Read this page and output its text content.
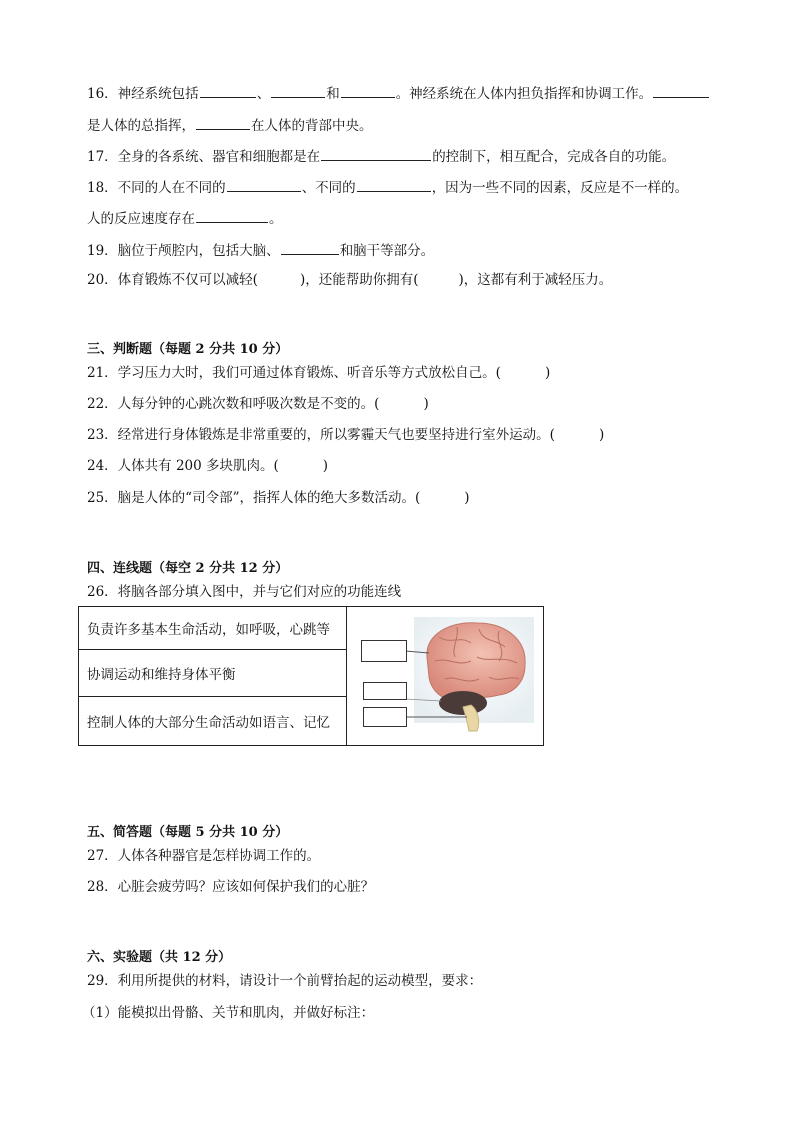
16．神经系统包括	、	和	。神经系统在人体内担负指挥和协调工作。
是人体的总指挥，	在人体的背部中央。
17．全身的各系统、器官和细胞都是在	的控制下，相互配合，完成各自的功能。
18．不同的人在不同的	、不同的	，因为一些不同的因素，反应是不一样的。
人的反应速度存在	。
19．脑位于颅腔内，包括大脑、	和脑干等部分。
20．体育锻炼不仅可以减轻(	)，还能帮助你拥有(	)，这都有利于减轻压力。
三、判断题（每题 2 分共 10 分）
21．学习压力大时，我们可通过体育锻炼、听音乐等方式放松自己。(	)
22．人每分钟的心跳次数和呼吸次数是不变的。(	)
23．经常进行身体锻炼是非常重要的，所以雾霾天气也要坚持进行室外运动。(	)
24．人体共有 200 多块肌肉。(	)
25．脑是人体的“司令部”，指挥人体的绝大多数活动。(	)
四、连线题（每空 2 分共 12 分）
26．将脑各部分填入图中，并与它们对应的功能连线
负责许多基本生命活动，如呼吸，心跳等	

协调运动和维持身体平衡
控制人体的大部分生命活动如语言、记忆
五、简答题（每题 5 分共 10 分）
27．人体各种器官是怎样协调工作的。
28．心脏会疲劳吗？应该如何保护我们的心脏？
六、实验题（共 12 分）
29．利用所提供的材料，请设计一个前臂抬起的运动模型，要求：
（1）能模拟出骨骼、关节和肌肉，并做好标注：
